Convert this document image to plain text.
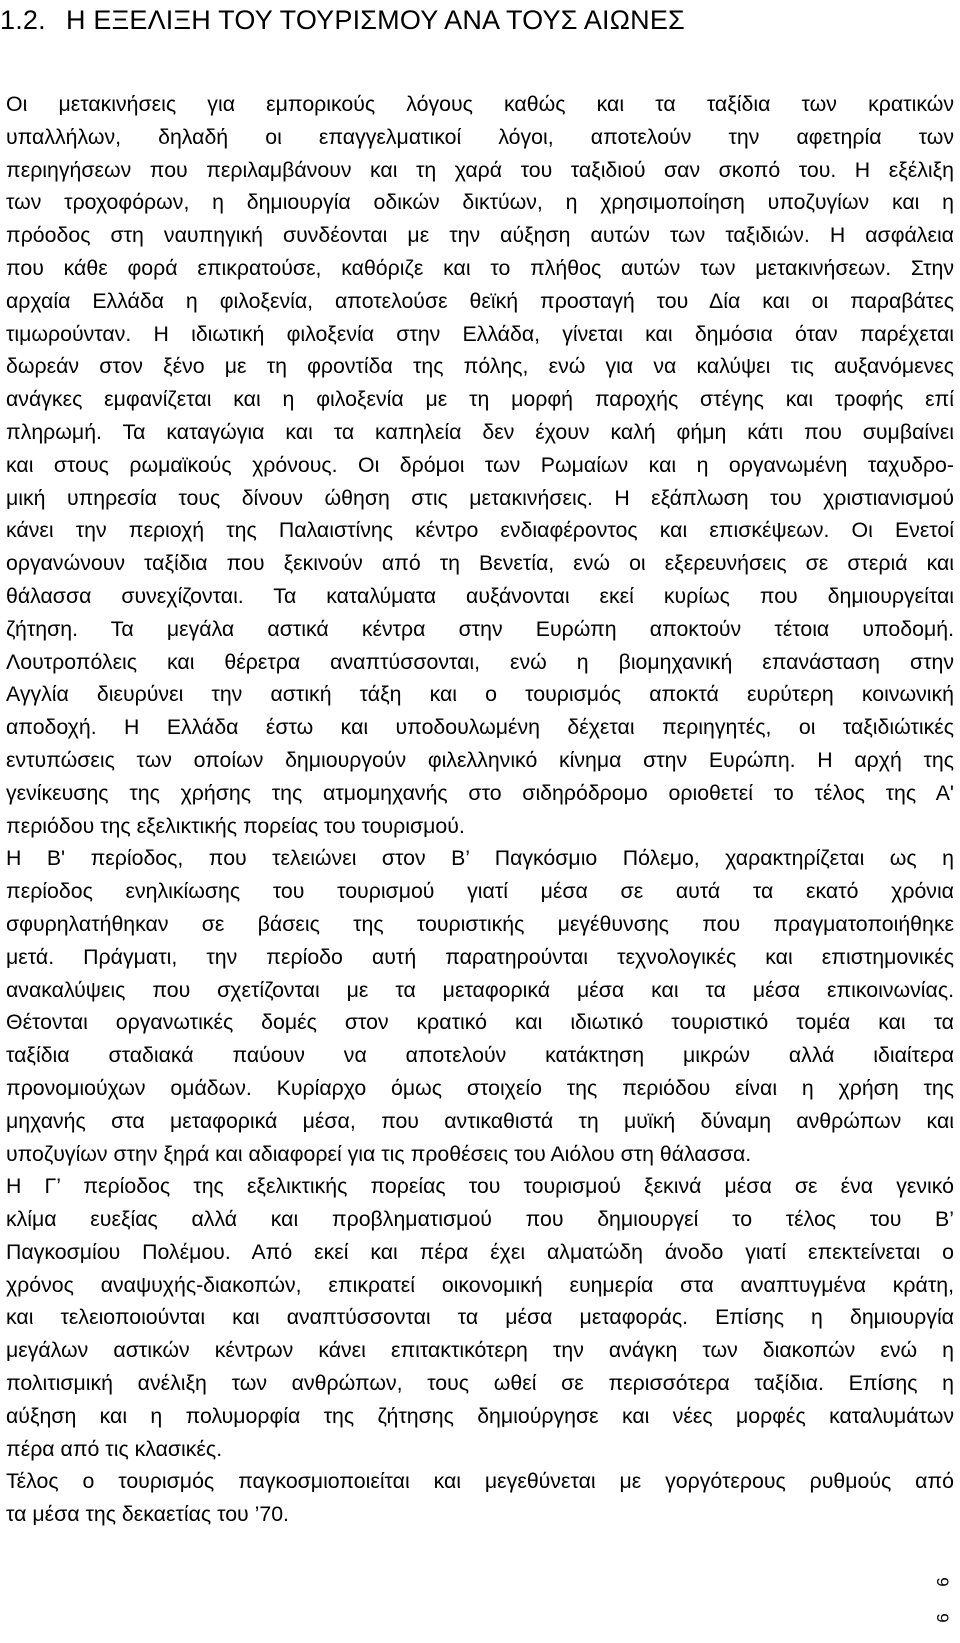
1.2. Η ΕΞΕΛΙΞΗ ΤΟΥ ΤΟΥΡΙΣΜΟΥ ΑΝΑ ΤΟΥΣ ΑΙΩΝΕΣ
Οι μετακινήσεις για εμπορικούς λόγους καθώς και τα ταξίδια των κρατικών
υπαλλήλων, δηλαδή οι επαγγελματικοί λόγοι, αποτελούν την αφετηρία των
περιηγήσεων που περιλαμβάνουν και τη χαρά του ταξιδιού σαν σκοπό του. Η εξέλιξη
των τροχοφόρων, η δημιουργία οδικών δικτύων, η χρησιμοποίηση υποζυγίων και η
πρόοδος στη ναυπηγική συνδέονται με την αύξηση αυτών των ταξιδιών. Η ασφάλεια
που κάθε φορά επικρατούσε, καθόριζε και το πλήθος αυτών των μετακινήσεων. Στην
αρχαία Ελλάδα η φιλοξενία, αποτελούσε θεϊκή προσταγή του Δία και οι παραβάτες
τιμωρούνταν. Η ιδιωτική φιλοξενία στην Ελλάδα, γίνεται και δημόσια όταν παρέχεται
δωρεάν στον ξένο με τη φροντίδα της πόλης, ενώ για να καλύψει τις αυξανόμενες
ανάγκες εμφανίζεται και η φιλοξενία με τη μορφή παροχής στέγης και τροφής επί
πληρωμή. Τα καταγώγια και τα καπηλεία δεν έχουν καλή φήμη κάτι που συμβαίνει
και στους ρωμαϊκούς χρόνους. Οι δρόμοι των Ρωμαίων και η οργανωμένη ταχυδρο-
μική υπηρεσία τους δίνουν ώθηση στις μετακινήσεις. Η εξάπλωση του χριστιανισμού
κάνει την περιοχή της Παλαιστίνης κέντρο ενδιαφέροντος και επισκέψεων. Οι Ενετοί
οργανώνουν ταξίδια που ξεκινούν από τη Βενετία, ενώ οι εξερευνήσεις σε στεριά και
θάλασσα συνεχίζονται. Τα καταλύματα αυξάνονται εκεί κυρίως που δημιουργείται
ζήτηση. Τα μεγάλα αστικά κέντρα στην Ευρώπη αποκτούν τέτοια υποδομή.
Λουτροπόλεις και θέρετρα αναπτύσσονται, ενώ η βιομηχανική επανάσταση στην
Αγγλία διευρύνει την αστική τάξη και ο τουρισμός αποκτά ευρύτερη κοινωνική
αποδοχή. Η Ελλάδα έστω και υποδουλωμένη δέχεται περιηγητές, οι ταξιδιώτικές
εντυπώσεις των οποίων δημιουργούν φιλελληνικό κίνημα στην Ευρώπη. Η αρχή της
γενίκευσης της χρήσης της ατμομηχανής στο σιδηρόδρομο οριοθετεί το τέλος της Α'
περιόδου της εξελικτικής πορείας του τουρισμού.
Η Β' περίοδος, που τελειώνει στον Β’ Παγκόσμιο Πόλεμο, χαρακτηρίζεται ως η
περίοδος ενηλικίωσης του τουρισμού γιατί μέσα σε αυτά τα εκατό χρόνια
σφυρηλατήθηκαν σε βάσεις της τουριστικής μεγέθυνσης που πραγματοποιήθηκε
μετά. Πράγματι, την περίοδο αυτή παρατηρούνται τεχνολογικές και επιστημονικές
ανακαλύψεις που σχετίζονται με τα μεταφορικά μέσα και τα μέσα επικοινωνίας.
Θέτονται οργανωτικές δομές στον κρατικό και ιδιωτικό τουριστικό τομέα και τα
ταξίδια σταδιακά παύουν να αποτελούν κατάκτηση μικρών αλλά ιδιαίτερα
προνομιούχων ομάδων. Κυρίαρχο όμως στοιχείο της περιόδου είναι η χρήση της
μηχανής στα μεταφορικά μέσα, που αντικαθιστά τη μυϊκή δύναμη ανθρώπων και
υποζυγίων στην ξηρά και αδιαφορεί για τις προθέσεις του Αιόλου στη θάλασσα.
Η Γ’ περίοδος της εξελικτικής πορείας του τουρισμού ξεκινά μέσα σε ένα γενικό
κλίμα ευεξίας αλλά και προβληματισμού που δημιουργεί το τέλος του Β’
Παγκοσμίου Πολέμου. Από εκεί και πέρα έχει αλματώδη άνοδο γιατί επεκτείνεται ο
χρόνος αναψυχής-διακοπών, επικρατεί οικονομική ευημερία στα αναπτυγμένα κράτη,
και τελειοποιούνται και αναπτύσσονται τα μέσα μεταφοράς. Επίσης η δημιουργία
μεγάλων αστικών κέντρων κάνει επιτακτικότερη την ανάγκη των διακοπών ενώ η
πολιτισμική ανέλιξη των ανθρώπων, τους ωθεί σε περισσότερα ταξίδια. Επίσης η
αύξηση και η πολυμορφία της ζήτησης δημιούργησε και νέες μορφές καταλυμάτων
πέρα από τις κλασικές.
Τέλος ο τουρισμός παγκοσμιοποιείται και μεγεθύνεται με γοργότερους ρυθμούς από
τα μέσα της δεκαετίας του ’70.
6
6
